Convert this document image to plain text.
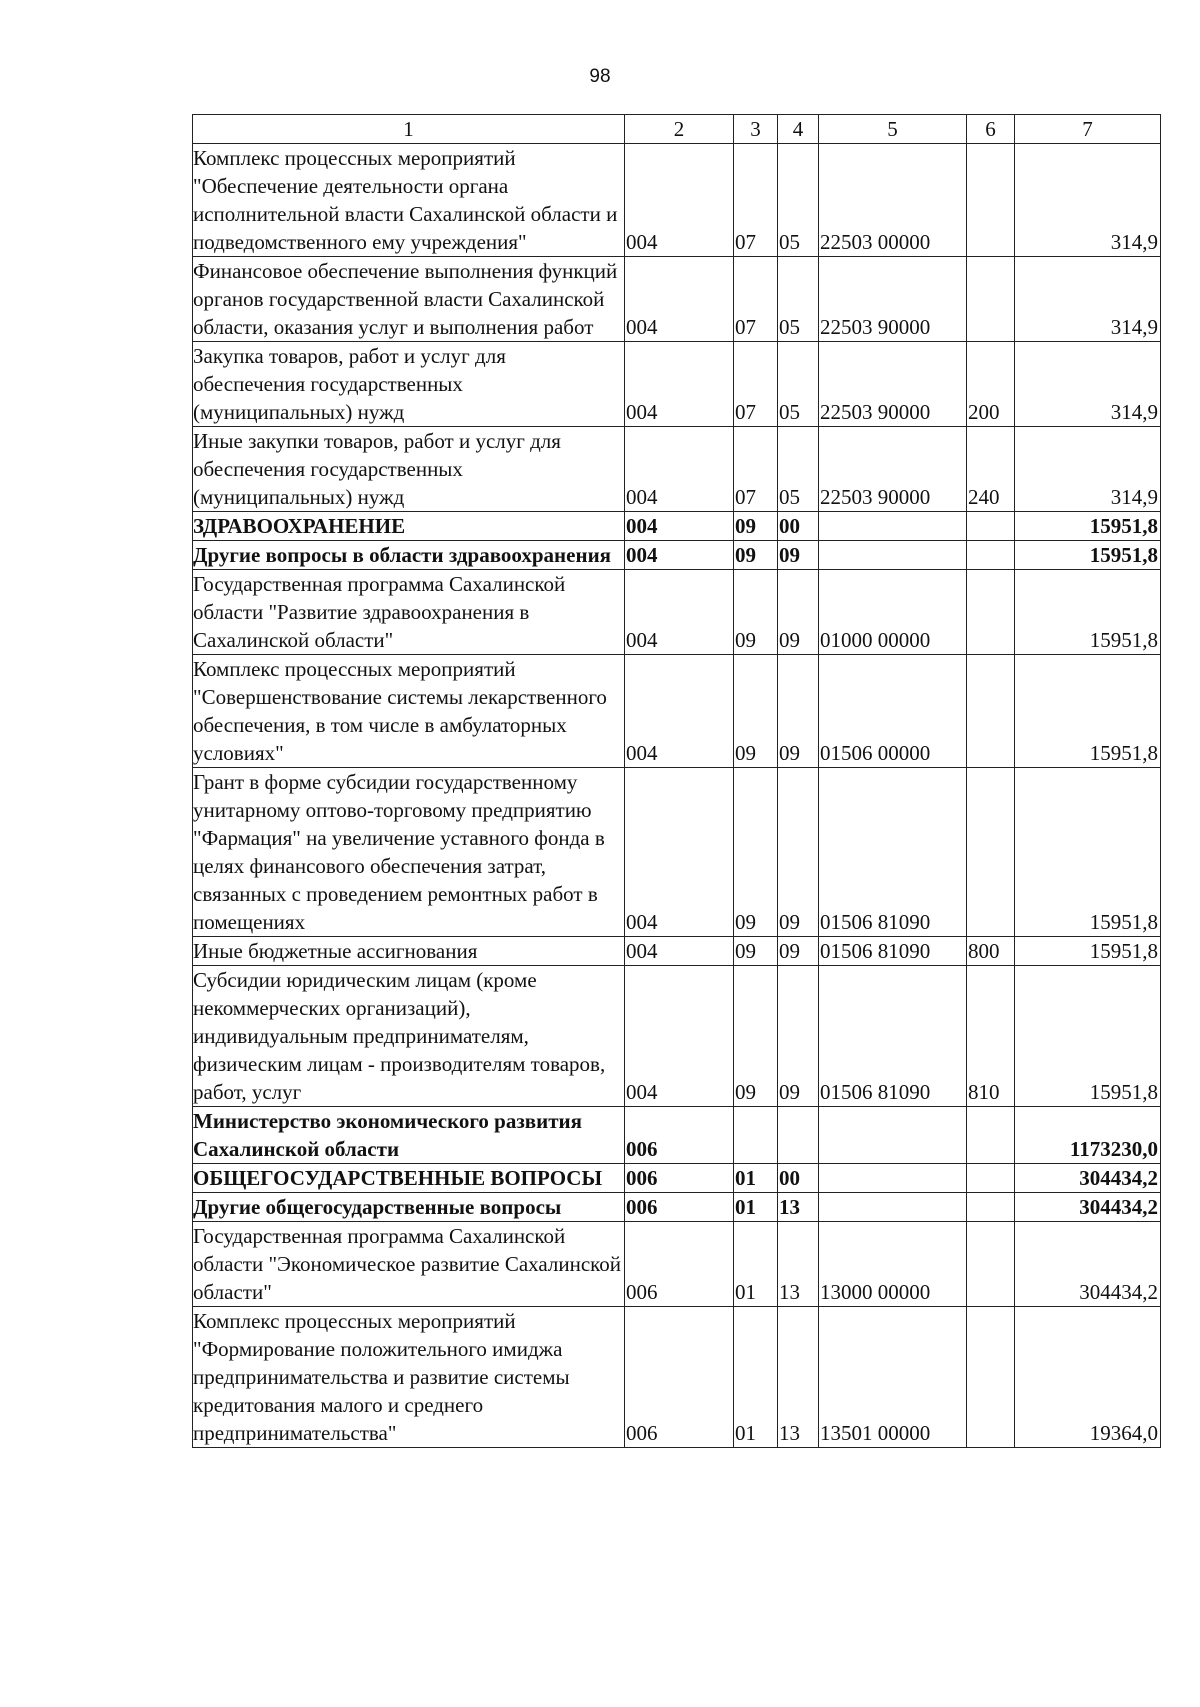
98
1	2	3	4	5	6	7
Комплекс процессных мероприятий "Обеспечение деятельности органа исполнительной власти Сахалинской области и подведомственного ему учреждения"	004	07	05	22503 00000		314,9
Финансовое обеспечение выполнения функций органов государственной власти Сахалинской области, оказания услуг и выполнения работ	004	07	05	22503 90000		314,9
Закупка товаров, работ и услуг для обеспечения государственных (муниципальных) нужд	004	07	05	22503 90000	200	314,9
Иные закупки товаров, работ и услуг для обеспечения государственных (муниципальных) нужд	004	07	05	22503 90000	240	314,9
ЗДРАВООХРАНЕНИЕ	004	09	00			15951,8
Другие вопросы в области здравоохранения	004	09	09			15951,8
Государственная программа Сахалинской области "Развитие здравоохранения в Сахалинской области"	004	09	09	01000 00000		15951,8
Комплекс процессных мероприятий "Совершенствование системы лекарственного обеспечения, в том числе в амбулаторных условиях"	004	09	09	01506 00000		15951,8
Грант в форме субсидии государственному унитарному оптово-торговому предприятию "Фармация" на увеличение уставного фонда в целях финансового обеспечения затрат, связанных с проведением ремонтных работ в помещениях	004	09	09	01506 81090		15951,8
Иные бюджетные ассигнования	004	09	09	01506 81090	800	15951,8
Субсидии юридическим лицам (кроме некоммерческих организаций), индивидуальным предпринимателям, физическим лицам - производителям товаров, работ, услуг	004	09	09	01506 81090	810	15951,8
Министерство экономического развития Сахалинской области	006					1173230,0
ОБЩЕГОСУДАРСТВЕННЫЕ ВОПРОСЫ	006	01	00			304434,2
Другие общегосударственные вопросы	006	01	13			304434,2
Государственная программа Сахалинской области "Экономическое развитие Сахалинской области"	006	01	13	13000 00000		304434,2
Комплекс процессных мероприятий "Формирование положительного имиджа предпринимательства и развитие системы кредитования малого и среднего предпринимательства"	006	01	13	13501 00000		19364,0
